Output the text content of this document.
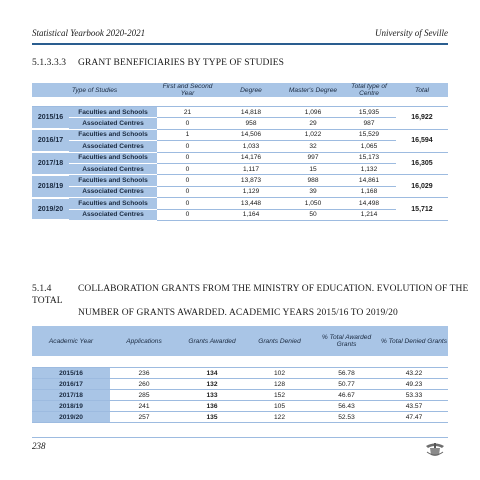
Statistical Yearbook 2020-2021	University of Seville
5.1.3.3.3 GRANT BENEFICIARIES BY TYPE OF STUDIES
Type of Studies		First and Second Year	Degree	Master's Degree	Total type of Centre	Total

2015/16	Faculties and Schools	21	14,818	1,096	15,935	16,922
	Associated Centres	0	958	29	987	
2016/17	Faculties and Schools	1	14,506	1,022	15,529	16,594
	Associated Centres	0	1,033	32	1,065	
2017/18	Faculties and Schools	0	14,176	997	15,173	16,305
	Associated Centres	0	1,117	15	1,132	
2018/19	Faculties and Schools	0	13,873	988	14,861	16,029
	Associated Centres	0	1,129	39	1,168	
2019/20	Faculties and Schools	0	13,448	1,050	14,498	15,712
	Associated Centres	0	1,164	50	1,214	
5.1.4	COLLABORATION GRANTS FROM THE MINISTRY OF EDUCATION. EVOLUTION OF THE TOTAL
NUMBER OF GRANTS AWARDED. ACADEMIC YEARS 2015/16 TO 2019/20
Academic Year	Applications	Grants Awarded	Grants Denied	% Total Awarded Grants	% Total Denied Grants

2015/16	236	134	102	56.78	43.22
2016/17	260	132	128	50.77	49.23
2017/18	285	133	152	46.67	53.33
2018/19	241	136	105	56.43	43.57
2019/20	257	135	122	52.53	47.47
238
